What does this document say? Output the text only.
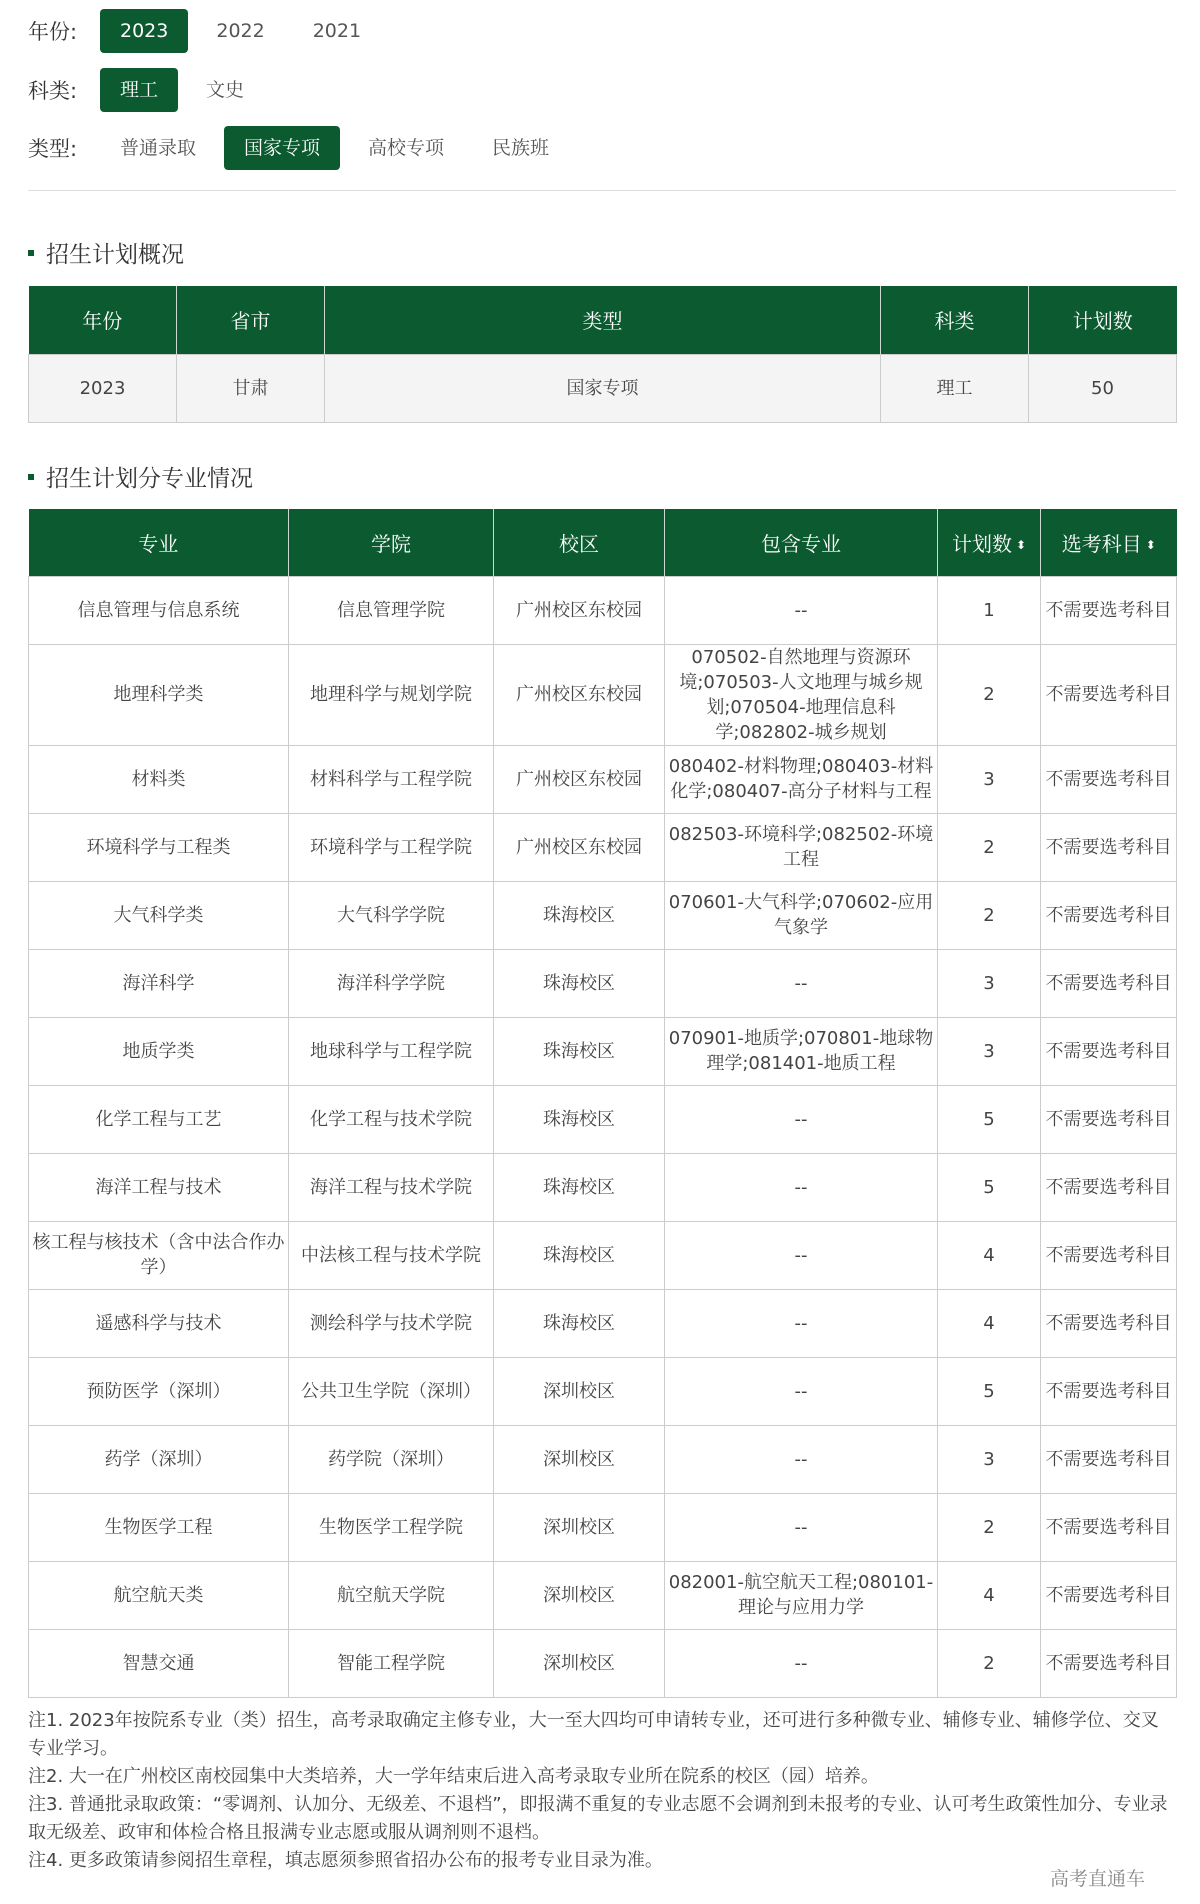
年份:	2023	2022	2021
科类:	理工	文史
类型:	普通录取	国家专项	高校专项	民族班
招生计划概况
年份	省市	类型	科类	计划数
2023	甘肃	国家专项	理工	50
招生计划分专业情况
专业	学院	校区	包含专业	计划数 ⬍	选考科目 ⬍
信息管理与信息系统	信息管理学院	广州校区东校园	--	1	不需要选考科目
地理科学类	地理科学与规划学院	广州校区东校园	070502-自然地理与资源环境;070503-人文地理与城乡规划;070504-地理信息科学;082802-城乡规划	2	不需要选考科目
材料类	材料科学与工程学院	广州校区东校园	080402-材料物理;080403-材料化学;080407-高分子材料与工程	3	不需要选考科目
环境科学与工程类	环境科学与工程学院	广州校区东校园	082503-环境科学;082502-环境工程	2	不需要选考科目
大气科学类	大气科学学院	珠海校区	070601-大气科学;070602-应用气象学	2	不需要选考科目
海洋科学	海洋科学学院	珠海校区	--	3	不需要选考科目
地质学类	地球科学与工程学院	珠海校区	070901-地质学;070801-地球物理学;081401-地质工程	3	不需要选考科目
化学工程与工艺	化学工程与技术学院	珠海校区	--	5	不需要选考科目
海洋工程与技术	海洋工程与技术学院	珠海校区	--	5	不需要选考科目
核工程与核技术（含中法合作办学）	中法核工程与技术学院	珠海校区	--	4	不需要选考科目
遥感科学与技术	测绘科学与技术学院	珠海校区	--	4	不需要选考科目
预防医学（深圳）	公共卫生学院（深圳）	深圳校区	--	5	不需要选考科目
药学（深圳）	药学院（深圳）	深圳校区	--	3	不需要选考科目
生物医学工程	生物医学工程学院	深圳校区	--	2	不需要选考科目
航空航天类	航空航天学院	深圳校区	082001-航空航天工程;080101-理论与应用力学	4	不需要选考科目
智慧交通	智能工程学院	深圳校区	--	2	不需要选考科目

注1. 2023年按院系专业（类）招生，高考录取确定主修专业，大一至大四均可申请转专业，还可进行多种微专业、辅修专业、辅修学位、交叉专业学习。

注2. 大一在广州校区南校园集中大类培养，大一学年结束后进入高考录取专业所在院系的校区（园）培养。

注3. 普通批录取政策：“零调剂、认加分、无级差、不退档”，即报满不重复的专业志愿不会调剂到未报考的专业、认可考生政策性加分、专业录取无级差、政审和体检合格且报满专业志愿或服从调剂则不退档。

注4. 更多政策请参阅招生章程，填志愿须参照省招办公布的报考专业目录为准。

高考直通车
